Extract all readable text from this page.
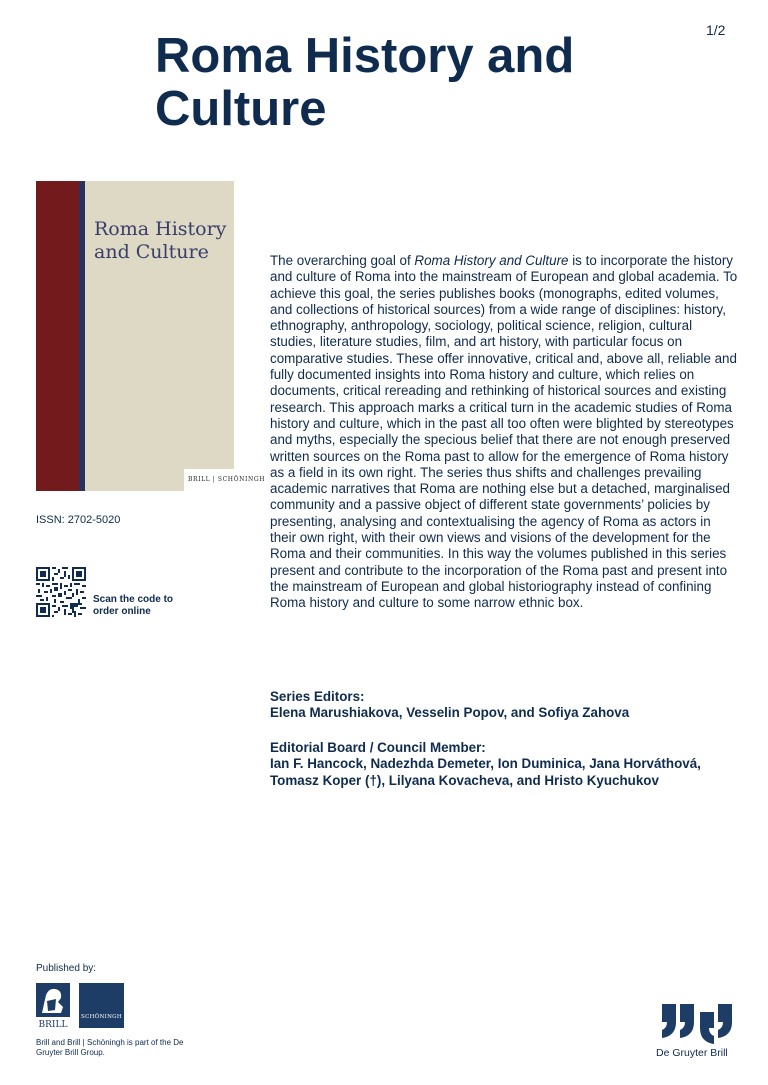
1/2
Roma History and Culture
Roma History and Culture
BRILL | SCHÖNINGH
ISSN: 2702-5020
Scan the code to order online

The overarching goal of Roma History and Culture is to incorporate the history and culture of Roma into the mainstream of European and global academia. To achieve this goal, the series publishes books (monographs, edited volumes, and collections of historical sources) from a wide range of disciplines: history, ethnography, anthropology, sociology, political science, religion, cultural studies, literature studies, film, and art history, with particular focus on comparative studies. These offer innovative, critical and, above all, reliable and fully documented insights into Roma history and culture, which relies on documents, critical rereading and rethinking of historical sources and existing research. This approach marks a critical turn in the academic studies of Roma history and culture, which in the past all too often were blighted by stereotypes and myths, especially the specious belief that there are not enough preserved written sources on the Roma past to allow for the emergence of Roma history as a field in its own right. The series thus shifts and challenges prevailing academic narratives that Roma are nothing else but a detached, marginalised community and a passive object of different state governments’ policies by presenting, analysing and contextualising the agency of Roma as actors in their own right, with their own views and visions of the development for the Roma and their communities. In this way the volumes published in this series present and contribute to the incorporation of the Roma past and present into the mainstream of European and global historiography instead of confining Roma history and culture to some narrow ethnic box.

Series Editors:
Elena Marushiakova, Vesselin Popov, and Sofiya Zahova
Editorial Board / Council Member:
Ian F. Hancock, Nadezhda Demeter, Ion Duminica, Jana Horváthová, Tomasz Koper (†), Lilyana Kovacheva, and Hristo Kyuchukov
Published by:
BRILL
SCHÖNINGH
Brill and Brill | Schöningh is part of the De Gruyter Brill Group.	De Gruyter Brill
